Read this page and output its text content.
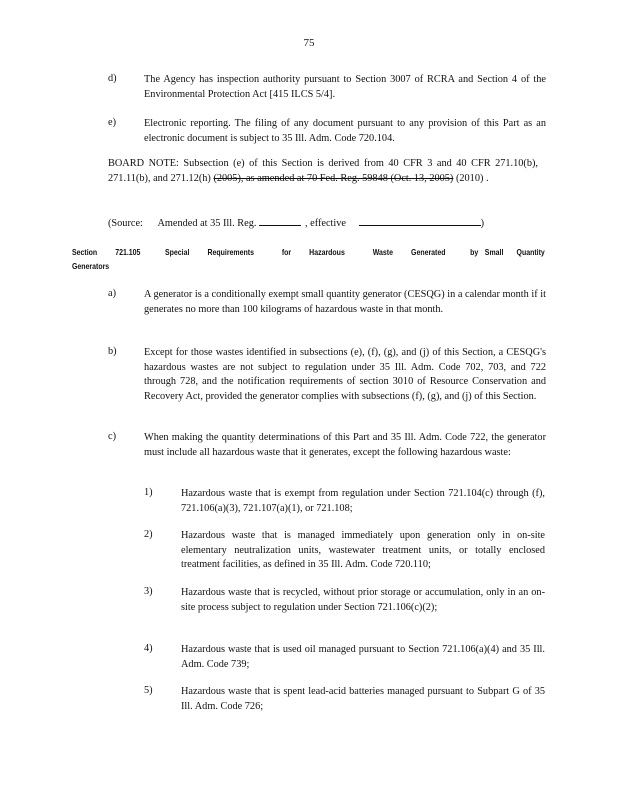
75
d)	The Agency has inspection authority pursuant to Section 3007 of RCRA and Section 4 of the Environmental Protection Act [415 ILCS 5/4].
e)	Electronic reporting. The filing of any document pursuant to any provision of this Part as an electronic document is subject to 35 Ill. Adm. Code 720.104.
BOARD NOTE: Subsection (e) of this Section is derived from 40 CFR 3 and 40 CFR 271.10(b), 271.11(b), and 271.12(h) (2005), as amended at 70 Fed. Reg. 59848 (Oct. 13, 2005) (2010) .
(Source: Amended at 35 Ill. Reg.	, effective	)
Section 721.105	Special Requirements	for Hazardous	Waste Generated	by Small Quantity
Generators
a)	A generator is a conditionally exempt small quantity generator (CESQG) in a calendar month if it generates no more than 100 kilograms of hazardous waste in that month.
b)	Except for those wastes identified in subsections (e), (f), (g), and (j) of this Section, a CESQG's hazardous wastes are not subject to regulation under 35 Ill. Adm. Code 702, 703, and 722 through 728, and the notification requirements of section 3010 of Resource Conservation and Recovery Act, provided the generator complies with subsections (f), (g), and (j) of this Section.
c)	When making the quantity determinations of this Part and 35 Ill. Adm. Code 722, the generator must include all hazardous waste that it generates, except the following hazardous waste:
1)	Hazardous waste that is exempt from regulation under Section 721.104(c) through (f), 721.106(a)(3), 721.107(a)(1), or 721.108;
2)	Hazardous waste that is managed immediately upon generation only in on-site elementary neutralization units, wastewater treatment units, or totally enclosed treatment facilities, as defined in 35 Ill. Adm. Code 720.110;
3)	Hazardous waste that is recycled, without prior storage or accumulation, only in an on-site process subject to regulation under Section 721.106(c)(2);
4)	Hazardous waste that is used oil managed pursuant to Section 721.106(a)(4) and 35 Ill. Adm. Code 739;
5)	Hazardous waste that is spent lead-acid batteries managed pursuant to Subpart G of 35 Ill. Adm. Code 726;
